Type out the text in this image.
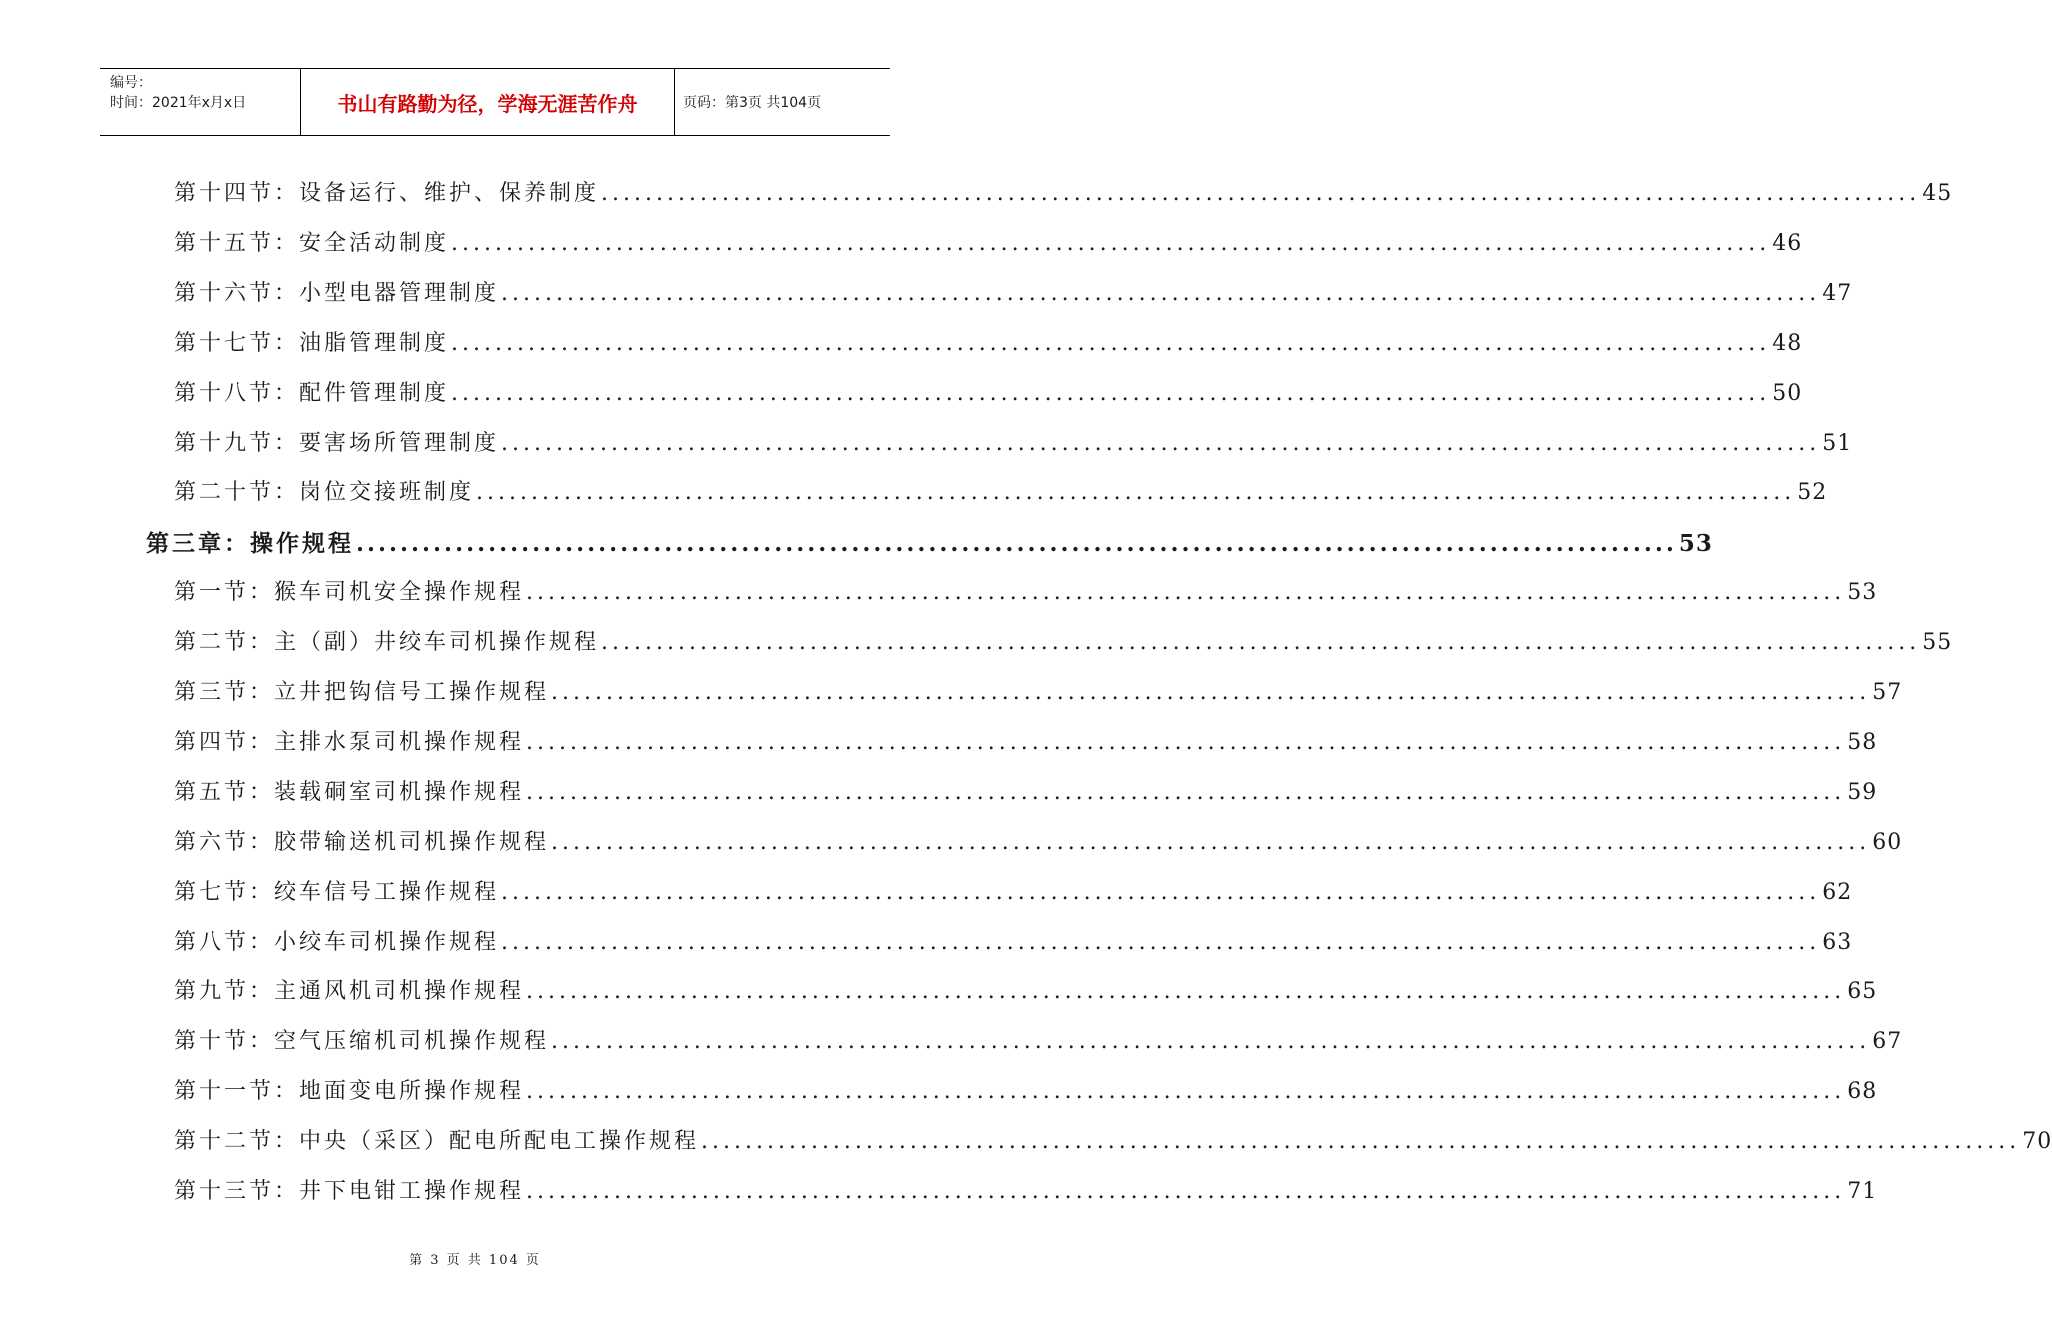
编号：
时间：2021年x月x日	书山有路勤为径，学海无涯苦作舟	页码：第3页 共104页
第十四节：设备运行、维护、保养制度 ........................................................................................................................ 45
第十五节：安全活动制度 ........................................................................................................................ 46
第十六节：小型电器管理制度 ........................................................................................................................ 47
第十七节：油脂管理制度 ........................................................................................................................ 48
第十八节：配件管理制度 ........................................................................................................................ 50
第十九节：要害场所管理制度 ........................................................................................................................ 51
第二十节：岗位交接班制度 ........................................................................................................................ 52
第三章：操作规程 ........................................................................................................................ 53
第一节：猴车司机安全操作规程 ........................................................................................................................ 53
第二节：主（副）井绞车司机操作规程 ........................................................................................................................ 55
第三节：立井把钩信号工操作规程 ........................................................................................................................ 57
第四节：主排水泵司机操作规程 ........................................................................................................................ 58
第五节：装载硐室司机操作规程 ........................................................................................................................ 59
第六节：胶带输送机司机操作规程 ........................................................................................................................ 60
第七节：绞车信号工操作规程 ........................................................................................................................ 62
第八节：小绞车司机操作规程 ........................................................................................................................ 63
第九节：主通风机司机操作规程 ........................................................................................................................ 65
第十节：空气压缩机司机操作规程 ........................................................................................................................ 67
第十一节：地面变电所操作规程 ........................................................................................................................ 68
第十二节：中央（采区）配电所配电工操作规程 ........................................................................................................................ 70
第十三节：井下电钳工操作规程 ........................................................................................................................ 71
第 3 页 共 104 页
